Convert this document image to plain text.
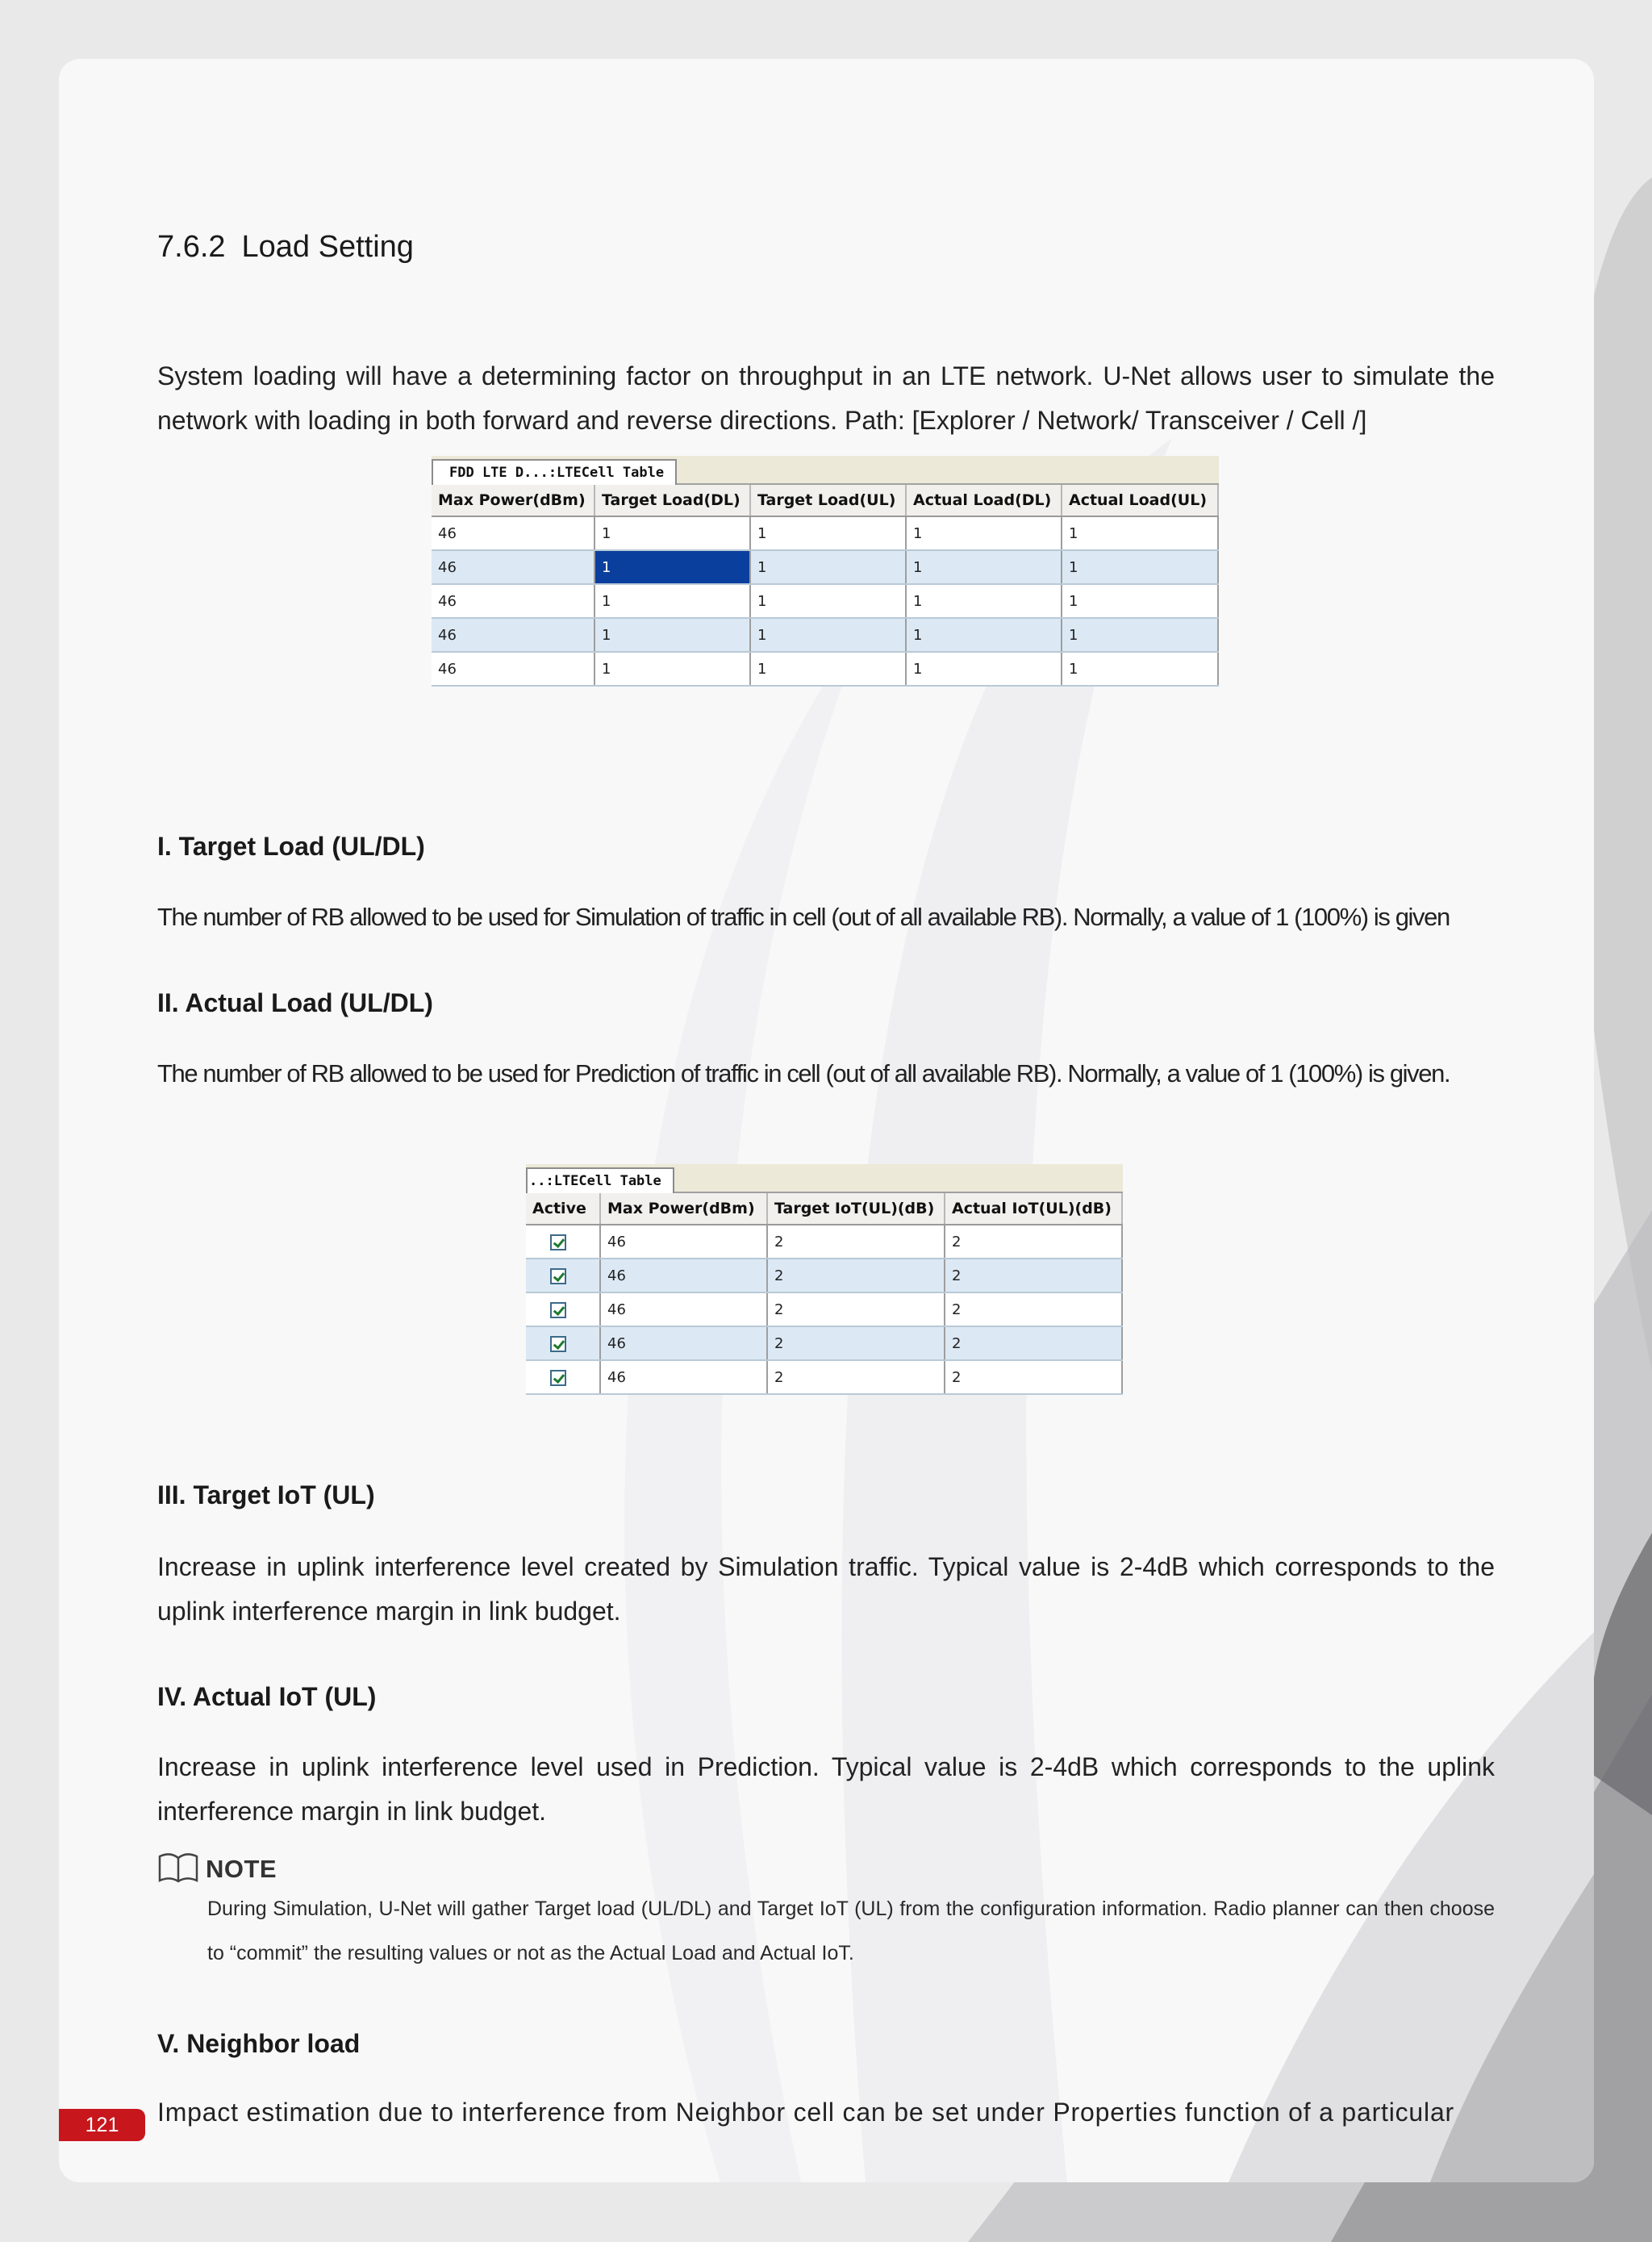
7.6.2 Load Setting

System loading will have a determining factor on throughput in an LTE network. U-Net allows user to simulate the network with loading in both forward and reverse directions. Path: [Explorer / Network/ Transceiver / Cell /]

FDD LTE D...:LTECell Table
Max Power(dBm)	Target Load(DL)	Target Load(UL)	Actual Load(DL)	Actual Load(UL)
46	1	1	1	1
46	1	1	1	1
46	1	1	1	1
46	1	1	1	1
46	1	1	1	1
I. Target Load (UL/DL)

The number of RB allowed to be used for Simulation of traffic in cell (out of all available RB). Normally, a value of 1 (100%) is given

II. Actual Load (UL/DL)

The number of RB allowed to be used for Prediction of traffic in cell (out of all available RB). Normally, a value of 1 (100%) is given.

..:LTECell Table
Active	Max Power(dBm)	Target IoT(UL)(dB)	Actual IoT(UL)(dB)
	46	2	2
	46	2	2
	46	2	2
	46	2	2
	46	2	2
III. Target IoT (UL)

Increase in uplink interference level created by Simulation traffic. Typical value is 2-4dB which corresponds to the uplink interference margin in link budget.

IV. Actual IoT (UL)

Increase in uplink interference level used in Prediction. Typical value is 2-4dB which corresponds to the uplink interference margin in link budget.

NOTE

During Simulation, U-Net will gather Target load (UL/DL) and Target IoT (UL) from the configuration information. Radio planner can then choose to “commit” the resulting values or not as the Actual Load and Actual IoT.

V. Neighbor load

Impact estimation due to interference from Neighbor cell can be set under Properties function of a particular

121
